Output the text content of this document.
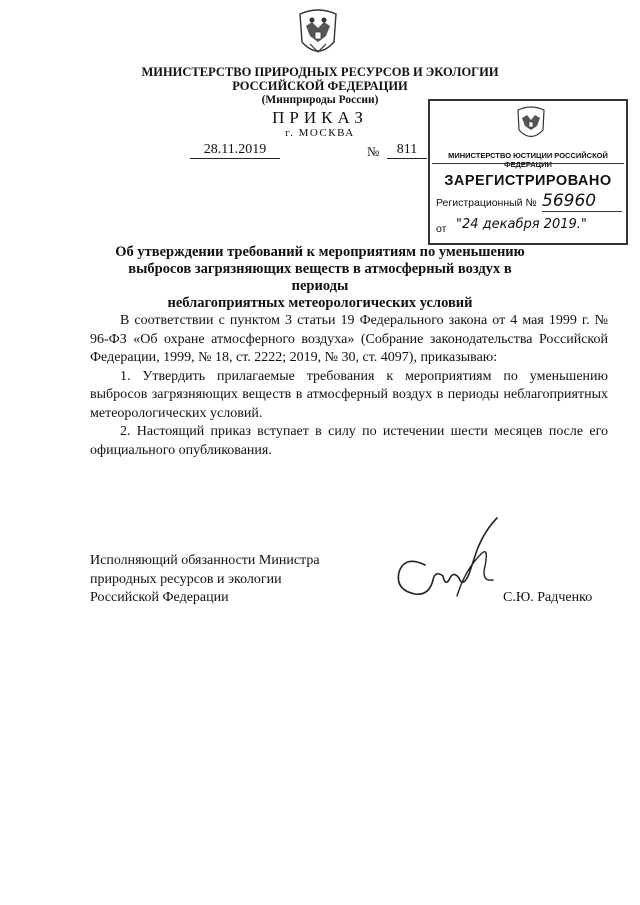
МИНИСТЕРСТВО ПРИРОДНЫХ РЕСУРСОВ И ЭКОЛОГИИ
РОССИЙСКОЙ ФЕДЕРАЦИИ
(Минприроды России)
ПРИКАЗ
г. МОСКВА
28.11.2019	№	811	МИНИСТЕРСТВО ЮСТИЦИИ РОССИЙСКОЙ ФЕДЕРАЦИИ
ЗАРЕГИСТРИРОВАНО
Регистрационный № 56960
от "24 декабря 2019."
Об утверждении требований к мероприятиям по уменьшению
выбросов загрязняющих веществ в атмосферный воздух в периоды
неблагоприятных метеорологических условий

В соответствии с пунктом 3 статьи 19 Федерального закона от 4 мая 1999 г. № 96-ФЗ «Об охране атмосферного воздуха» (Собрание законодательства Российской Федерации, 1999, № 18, ст. 2222; 2019, № 30, ст. 4097), приказываю:

1. Утвердить прилагаемые требования к мероприятиям по уменьшению выбросов загрязняющих веществ в атмосферный воздух в периоды неблагоприятных метеорологических условий.

2. Настоящий приказ вступает в силу по истечении шести месяцев после его официального опубликования.

Исполняющий обязанности Министра
природных ресурсов и экологии
Российской Федерации	С.Ю. Радченко
